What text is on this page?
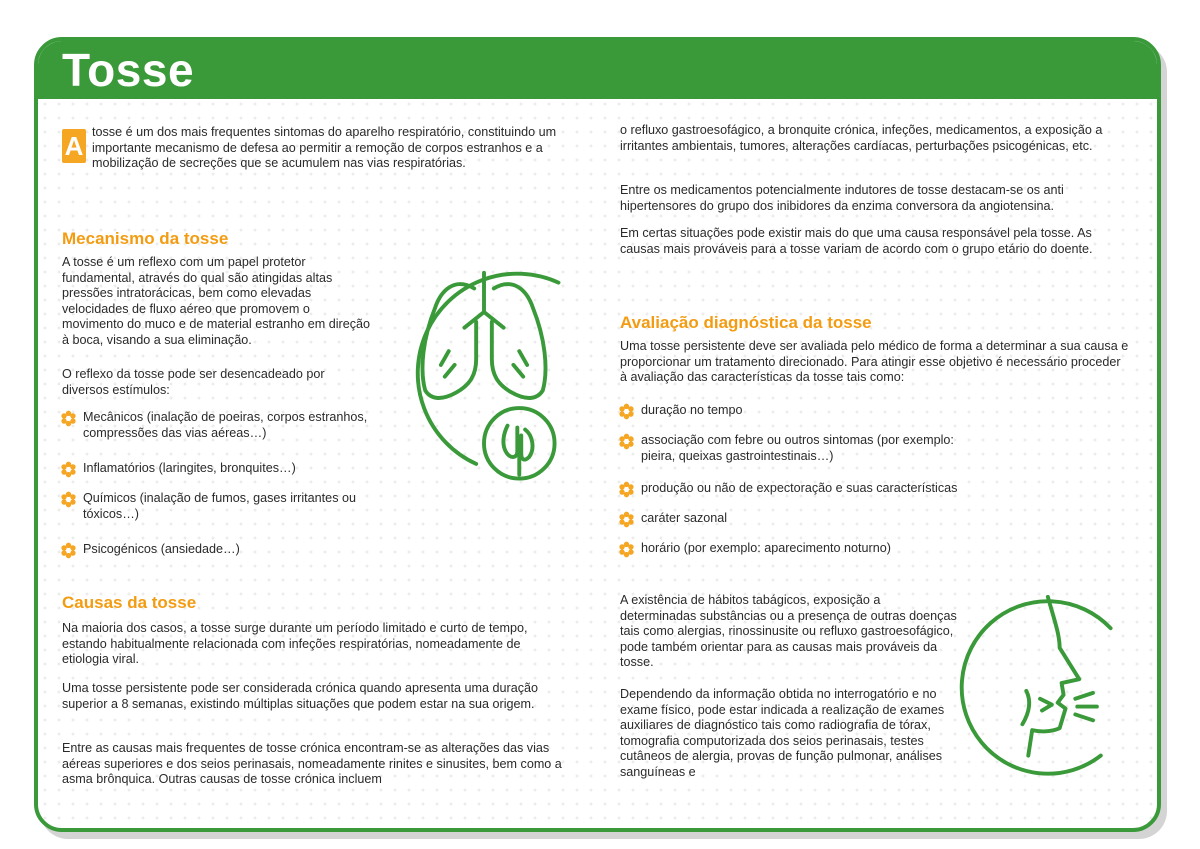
Tosse
A tosse é um dos mais frequentes sintomas do aparelho respiratório, constituindo um importante mecanismo de defesa ao permitir a remoção de corpos estranhos e a mobilização de secreções que se acumulem nas vias respiratórias.

Mecanismo da tosse

A tosse é um reflexo com um papel protetor fundamental, através do qual são atingidas altas pressões intratorácicas, bem como elevadas velocidades de fluxo aéreo que promovem o movimento do muco e de material estranho em direção à boca, visando a sua eliminação.

O reflexo da tosse pode ser desencadeado por diversos estímulos:

Mecânicos (inalação de poeiras, corpos estranhos, compressões das vias aéreas…)
Inflamatórios (laringites, bronquites…)
Químicos (inalação de fumos, gases irritantes ou tóxicos…)
Psicogénicos (ansiedade…)
Causas da tosse

Na maioria dos casos, a tosse surge durante um período limitado e curto de tempo, estando habitualmente relacionada com infeções respiratórias, nomeadamente de etiologia viral.

Uma tosse persistente pode ser considerada crónica quando apresenta uma duração superior a 8 semanas, existindo múltiplas situações que podem estar na sua origem.

Entre as causas mais frequentes de tosse crónica encontram-se as alterações das vias aéreas superiores e dos seios perinasais, nomeadamente rinites e sinusites, bem como a asma brônquica. Outras causas de tosse crónica incluem

o refluxo gastroesofágico, a bronquite crónica, infeções, medicamentos, a exposição a irritantes ambientais, tumores, alterações cardíacas, perturbações psicogénicas, etc.

Entre os medicamentos potencialmente indutores de tosse destacam-se os anti hipertensores do grupo dos inibidores da enzima conversora da angiotensina.

Em certas situações pode existir mais do que uma causa responsável pela tosse. As causas mais prováveis para a tosse variam de acordo com o grupo etário do doente.

Avaliação diagnóstica da tosse

Uma tosse persistente deve ser avaliada pelo médico de forma a determinar a sua causa e proporcionar um tratamento direcionado. Para atingir esse objetivo é necessário proceder à avaliação das características da tosse tais como:

duração no tempo
associação com febre ou outros sintomas (por exemplo: pieira, queixas gastrointestinais…)
produção ou não de expectoração e suas características
caráter sazonal
horário (por exemplo: aparecimento noturno)

A existência de hábitos tabágicos, exposição a determinadas substâncias ou a presença de outras doenças tais como alergias, rinossinusite ou refluxo gastroesofágico, pode também orientar para as causas mais prováveis da tosse.

Dependendo da informação obtida no interrogatório e no exame físico, pode estar indicada a realização de exames auxiliares de diagnóstico tais como radiografia de tórax, tomografia computorizada dos seios perinasais, testes cutâneos de alergia, provas de função pulmonar, análises sanguíneas e
